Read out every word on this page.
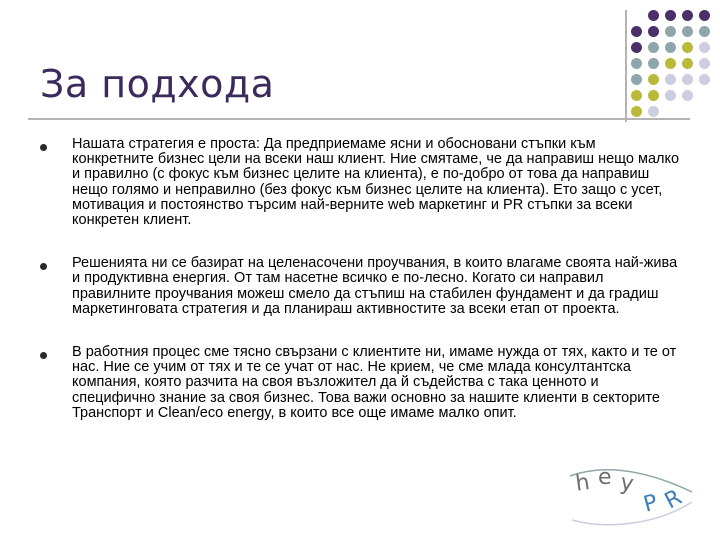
За подхода

Нашата стратегия е проста: Да предприемаме ясни и обосновани стъпки към конкретните бизнес цели на всеки наш клиент. Ние смятаме, че да направиш нещо малко и правилно (с фокус към бизнес целите на клиента), е по-добро от това да направиш нещо голямо и неправилно (без фокус към бизнес целите на клиента). Ето защо с усет, мотивация и постоянство търсим най-верните web маркетинг и PR стъпки за всеки конкретен клиент.

Решенията ни се базират на целенасочени проучвания, в които влагаме своята най-жива и продуктивна енергия. От там насетне всичко е по-лесно. Когато си направил правилните проучвания можеш смело да стъпиш на стабилен фундамент и да градиш маркетинговата стратегия и да планираш активностите за всеки етап от проекта.

В работния процес сме тясно свързани с клиентите ни, имаме нужда от тях, както и те от нас. Ние се учим от тях и те се учат от нас. Не крием, че сме млада консултантска компания, която разчита на своя възложител да й съдейства с така ценното и специфично знание за своя бизнес. Това важи основно за нашите клиенти в секторите Транспорт и Clean/eco energy, в които все още имаме малко опит.

h e y
P R
